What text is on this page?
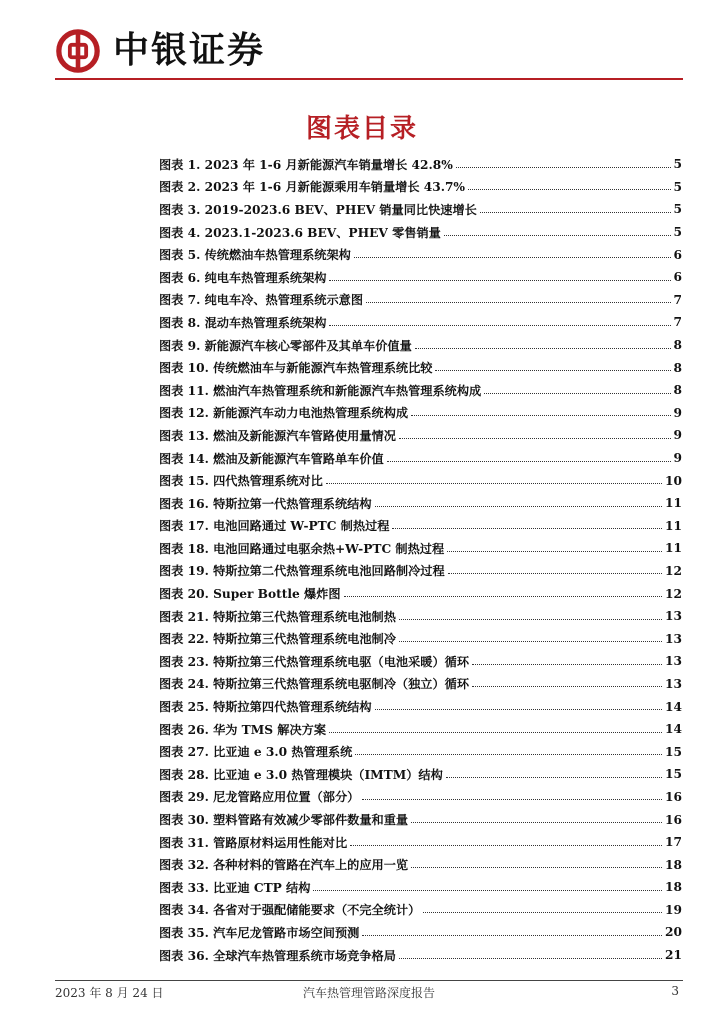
中银证券
图表目录
图表 1. 2023 年 1-6 月新能源汽车销量增长 42.8%	5
图表 2. 2023 年 1-6 月新能源乘用车销量增长 43.7%	5
图表 3. 2019-2023.6 BEV、PHEV 销量同比快速增长	5
图表 4. 2023.1-2023.6 BEV、PHEV 零售销量	5
图表 5. 传统燃油车热管理系统架构	6
图表 6. 纯电车热管理系统架构	6
图表 7. 纯电车冷、热管理系统示意图	7
图表 8. 混动车热管理系统架构	7
图表 9. 新能源汽车核心零部件及其单车价值量	8
图表 10. 传统燃油车与新能源汽车热管理系统比较	8
图表 11. 燃油汽车热管理系统和新能源汽车热管理系统构成	8
图表 12. 新能源汽车动力电池热管理系统构成	9
图表 13. 燃油及新能源汽车管路使用量情况	9
图表 14. 燃油及新能源汽车管路单车价值	9
图表 15. 四代热管理系统对比	10
图表 16. 特斯拉第一代热管理系统结构	11
图表 17. 电池回路通过 W-PTC 制热过程	11
图表 18. 电池回路通过电驱余热+W-PTC 制热过程	11
图表 19. 特斯拉第二代热管理系统电池回路制冷过程	12
图表 20. Super Bottle 爆炸图	12
图表 21. 特斯拉第三代热管理系统电池制热	13
图表 22. 特斯拉第三代热管理系统电池制冷	13
图表 23. 特斯拉第三代热管理系统电驱（电池采暖）循环	13
图表 24. 特斯拉第三代热管理系统电驱制冷（独立）循环	13
图表 25. 特斯拉第四代热管理系统结构	14
图表 26. 华为 TMS 解决方案	14
图表 27. 比亚迪 e 3.0 热管理系统	15
图表 28. 比亚迪 e 3.0 热管理模块（IMTM）结构	15
图表 29. 尼龙管路应用位置（部分）	16
图表 30. 塑料管路有效减少零部件数量和重量	16
图表 31. 管路原材料运用性能对比	17
图表 32. 各种材料的管路在汽车上的应用一览	18
图表 33. 比亚迪 CTP 结构	18
图表 34. 各省对于强配储能要求（不完全统计）	19
图表 35. 汽车尼龙管路市场空间预测	20
图表 36. 全球汽车热管理系统市场竞争格局	21
2023 年 8 月 24 日	汽车热管理管路深度报告	3
